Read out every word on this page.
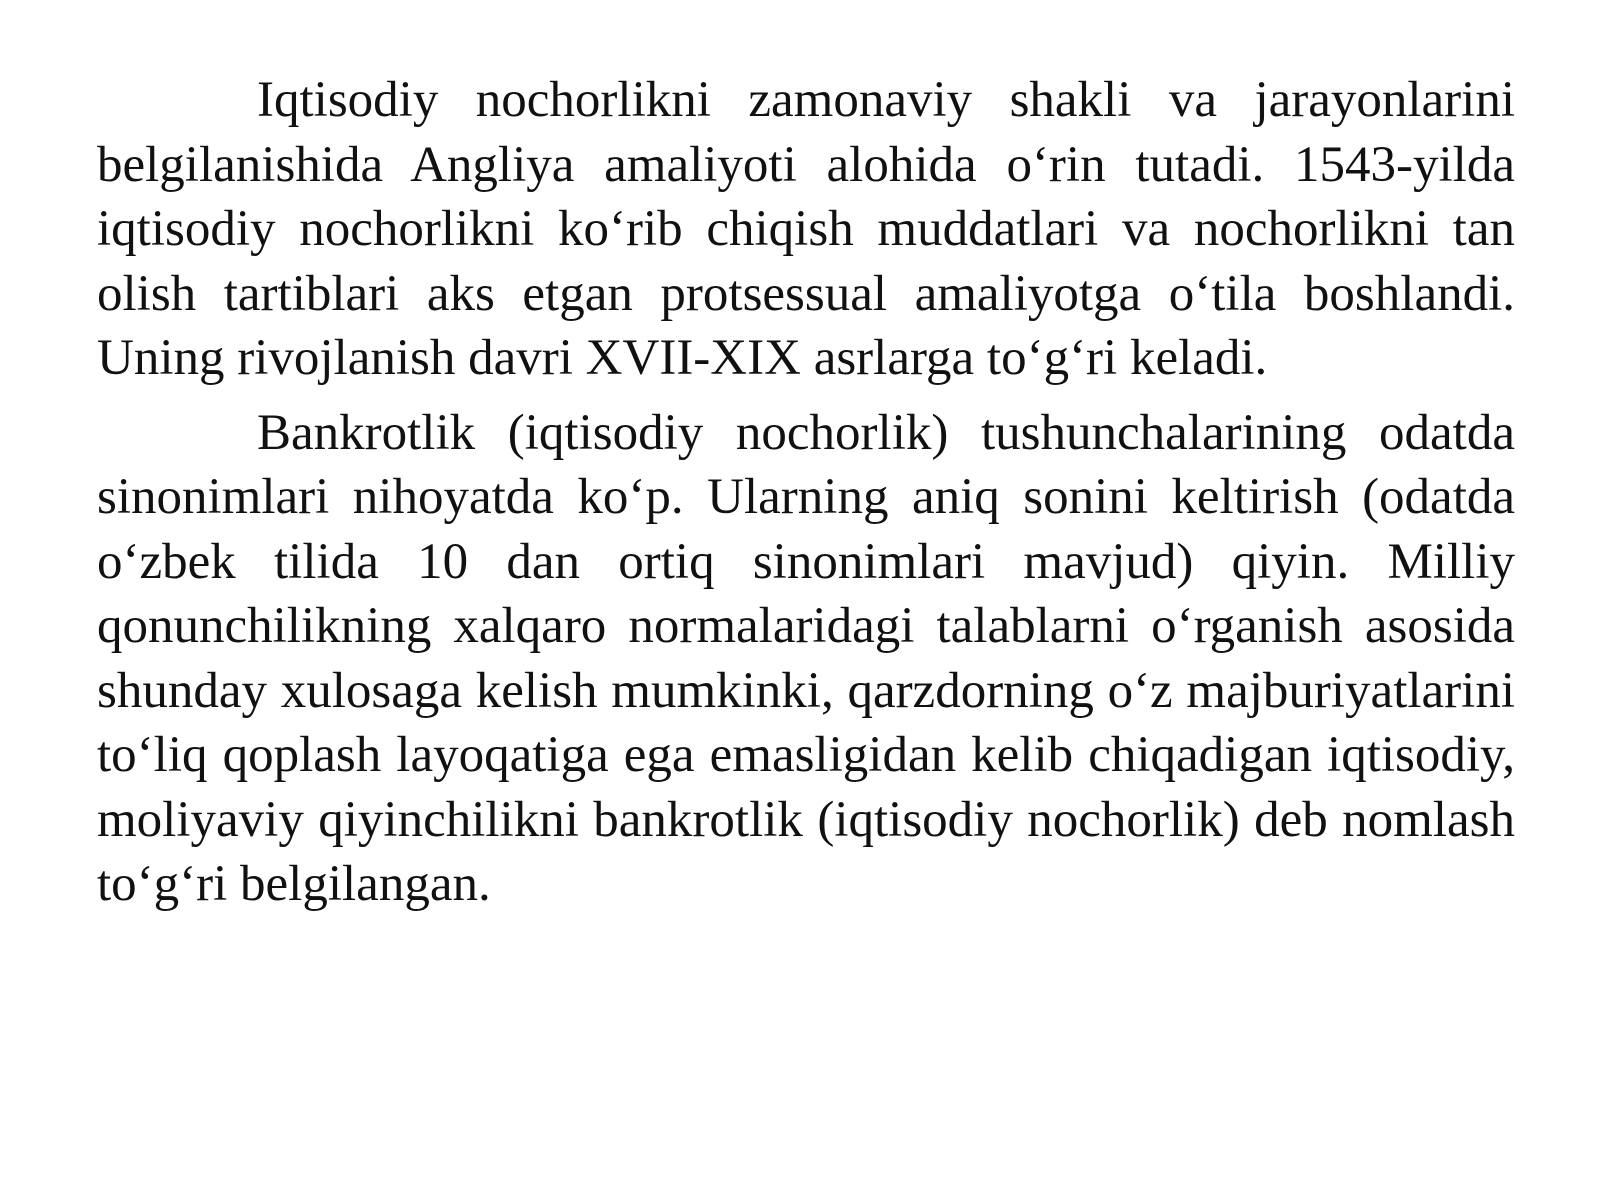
Iqtisodiy nochorlikni zamonaviy shakli va jarayonlarini belgilanishida Angliya amaliyoti alohida o‘rin tutadi. 1543-yilda iqtisodiy nochorlikni ko‘rib chiqish muddatlari va nochorlikni tan olish tartiblari aks etgan protsessual amaliyotga o‘tila boshlandi. Uning rivojlanish davri XVII-XIX asrlarga to‘g‘ri keladi.

Bankrotlik (iqtisodiy nochorlik) tushunchalarining odatda sinonimlari nihoyatda ko‘p. Ularning aniq sonini keltirish (odatda o‘zbek tilida 10 dan ortiq sinonimlari mavjud) qiyin. Milliy qonunchilikning xalqaro normalaridagi talablarni o‘rganish asosida shunday xulosaga kelish mumkinki, qarzdorning o‘z majburiyatlarini to‘liq qoplash layoqatiga ega emasligidan kelib chiqadigan iqtisodiy, moliyaviy qiyinchilikni bankrotlik (iqtisodiy nochorlik) deb nomlash to‘g‘ri belgilangan.
